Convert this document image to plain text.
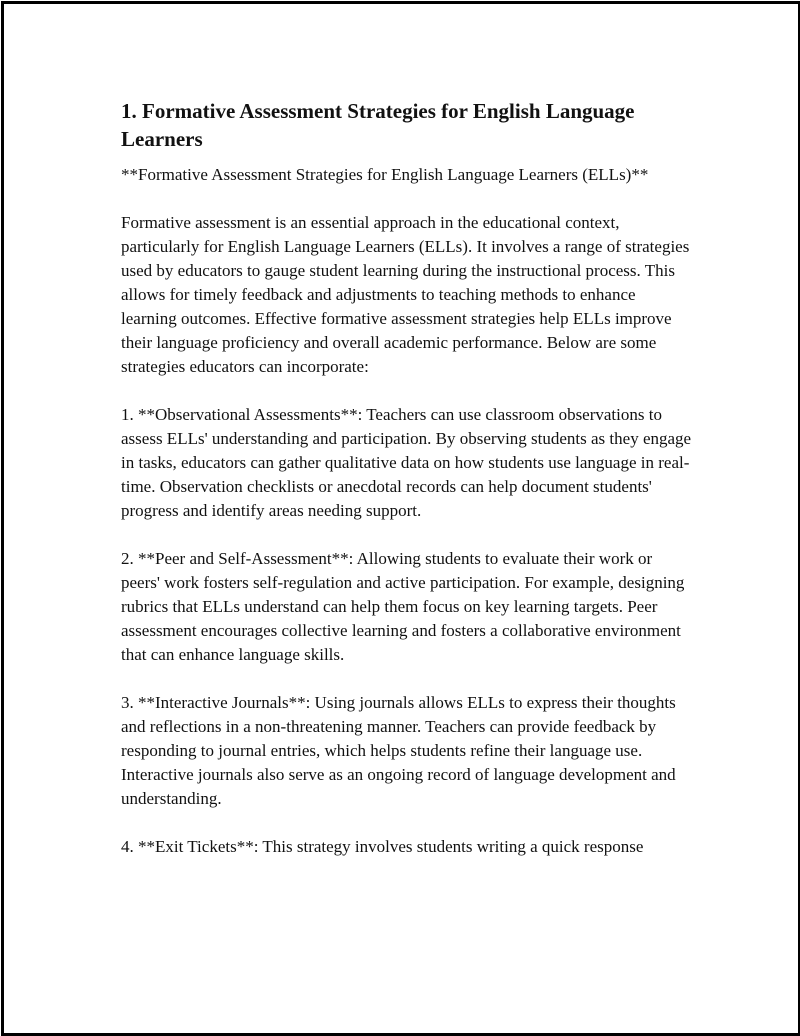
1. Formative Assessment Strategies for English Language Learners

**Formative Assessment Strategies for English Language Learners (ELLs)**

Formative assessment is an essential approach in the educational context, particularly for English Language Learners (ELLs). It involves a range of strategies used by educators to gauge student learning during the instructional process. This allows for timely feedback and adjustments to teaching methods to enhance learning outcomes. Effective formative assessment strategies help ELLs improve their language proficiency and overall academic performance. Below are some strategies educators can incorporate:

1. **Observational Assessments**: Teachers can use classroom observations to assess ELLs' understanding and participation. By observing students as they engage in tasks, educators can gather qualitative data on how students use language in real-time. Observation checklists or anecdotal records can help document students' progress and identify areas needing support.

2. **Peer and Self-Assessment**: Allowing students to evaluate their work or peers' work fosters self-regulation and active participation. For example, designing rubrics that ELLs understand can help them focus on key learning targets. Peer assessment encourages collective learning and fosters a collaborative environment that can enhance language skills.

3. **Interactive Journals**: Using journals allows ELLs to express their thoughts and reflections in a non-threatening manner. Teachers can provide feedback by responding to journal entries, which helps students refine their language use. Interactive journals also serve as an ongoing record of language development and understanding.

4. **Exit Tickets**: This strategy involves students writing a quick response
